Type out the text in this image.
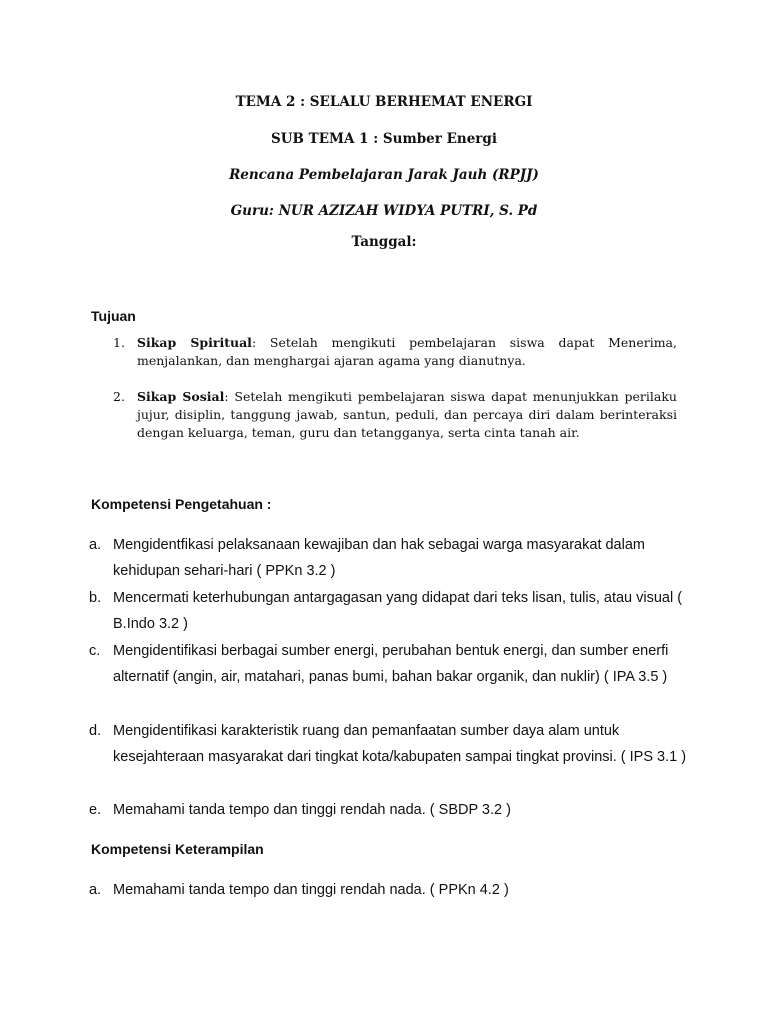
TEMA 2 : SELALU BERHEMAT ENERGI
SUB TEMA 1 : Sumber Energi
Rencana Pembelajaran Jarak Jauh (RPJJ)
Guru: NUR AZIZAH WIDYA PUTRI, S. Pd
Tanggal:
Tujuan
1. Sikap Spiritual: Setelah mengikuti pembelajaran siswa dapat Menerima, menjalankan, dan menghargai ajaran agama yang dianutnya.
2. Sikap Sosial: Setelah mengikuti pembelajaran siswa dapat menunjukkan perilaku jujur, disiplin, tanggung jawab, santun, peduli, dan percaya diri dalam berinteraksi dengan keluarga, teman, guru dan tetangganya, serta cinta tanah air.
Kompetensi Pengetahuan :
a. Mengidentfikasi pelaksanaan kewajiban dan hak sebagai warga masyarakat dalam kehidupan sehari-hari ( PPKn 3.2 )
b. Mencermati keterhubungan antargagasan yang didapat dari teks lisan, tulis, atau visual ( B.Indo 3.2 )
c. Mengidentifikasi berbagai sumber energi, perubahan bentuk energi, dan sumber enerfi alternatif (angin, air, matahari, panas bumi, bahan bakar organik, dan nuklir) ( IPA 3.5 )
d. Mengidentifikasi karakteristik ruang dan pemanfaatan sumber daya alam untuk kesejahteraan masyarakat dari tingkat kota/kabupaten sampai tingkat provinsi. ( IPS 3.1 )
e. Memahami tanda tempo dan tinggi rendah nada. ( SBDP 3.2 )
Kompetensi Keterampilan
a. Memahami tanda tempo dan tinggi rendah nada. ( PPKn 4.2 )
